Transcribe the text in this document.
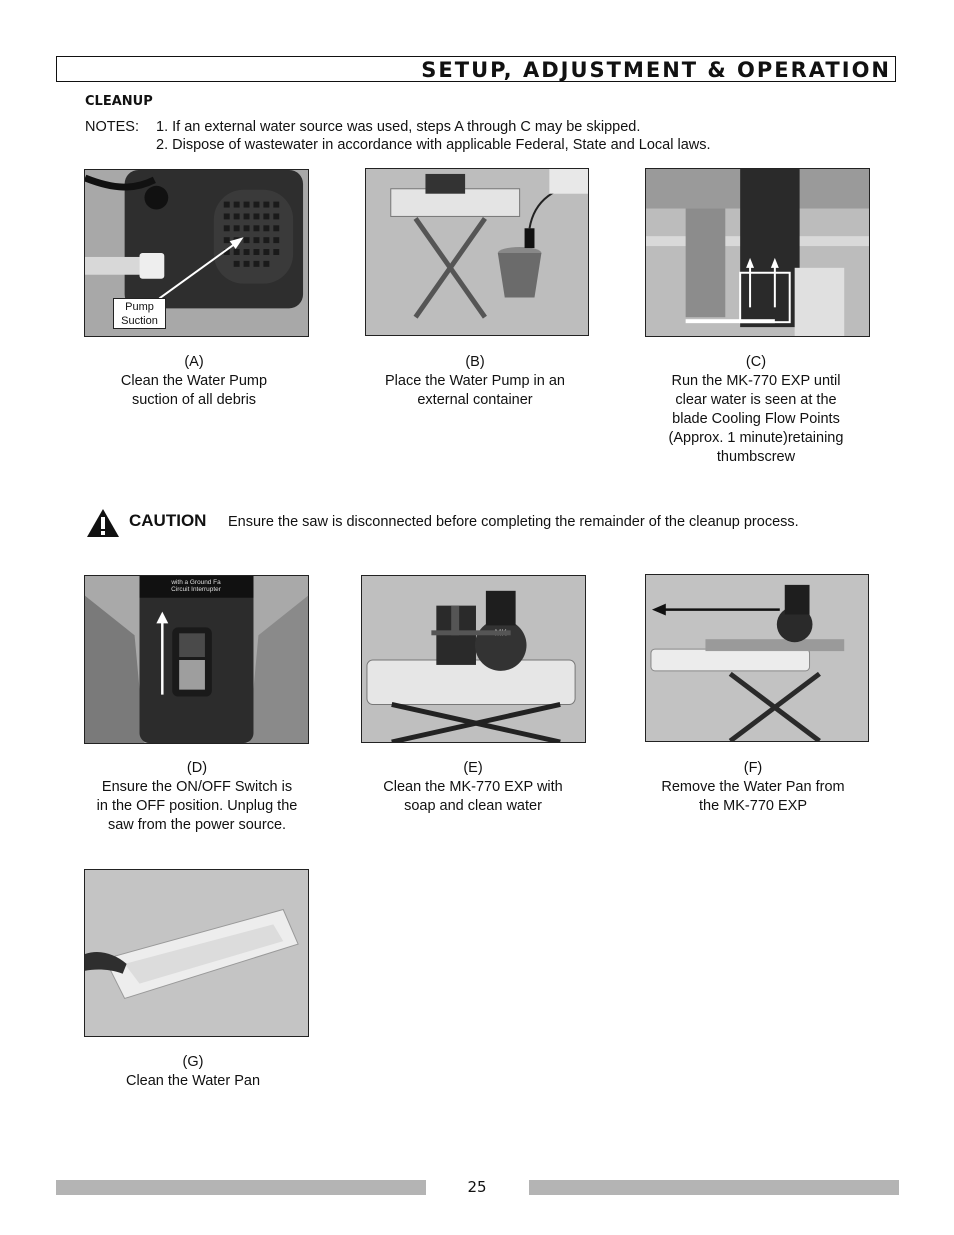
SETUP, ADJUSTMENT & OPERATION
CLEANUP
NOTES: 1. If an external water source was used, steps A through C may be skipped.
2. Dispose of wastewater in accordance with applicable Federal, State and Local laws.
Pump
Suction
(A)
Clean the Water Pump
suction of all debris
(B)
Place the Water Pump in an
external container
(C)
Run the MK-770 EXP until
clear water is seen at the
blade Cooling Flow Points
(Approx. 1 minute)retaining
thumbscrew
CAUTION Ensure the saw is disconnected before completing the remainder of the cleanup process.
with a Ground Fa
Circuit Interrupter
(D)
Ensure the ON/OFF Switch is
in the OFF position. Unplug the
saw from the power source.
(E)
Clean the MK-770 EXP with
soap and clean water
(F)
Remove the Water Pan from
the MK-770 EXP
(G)
Clean the Water Pan
25
